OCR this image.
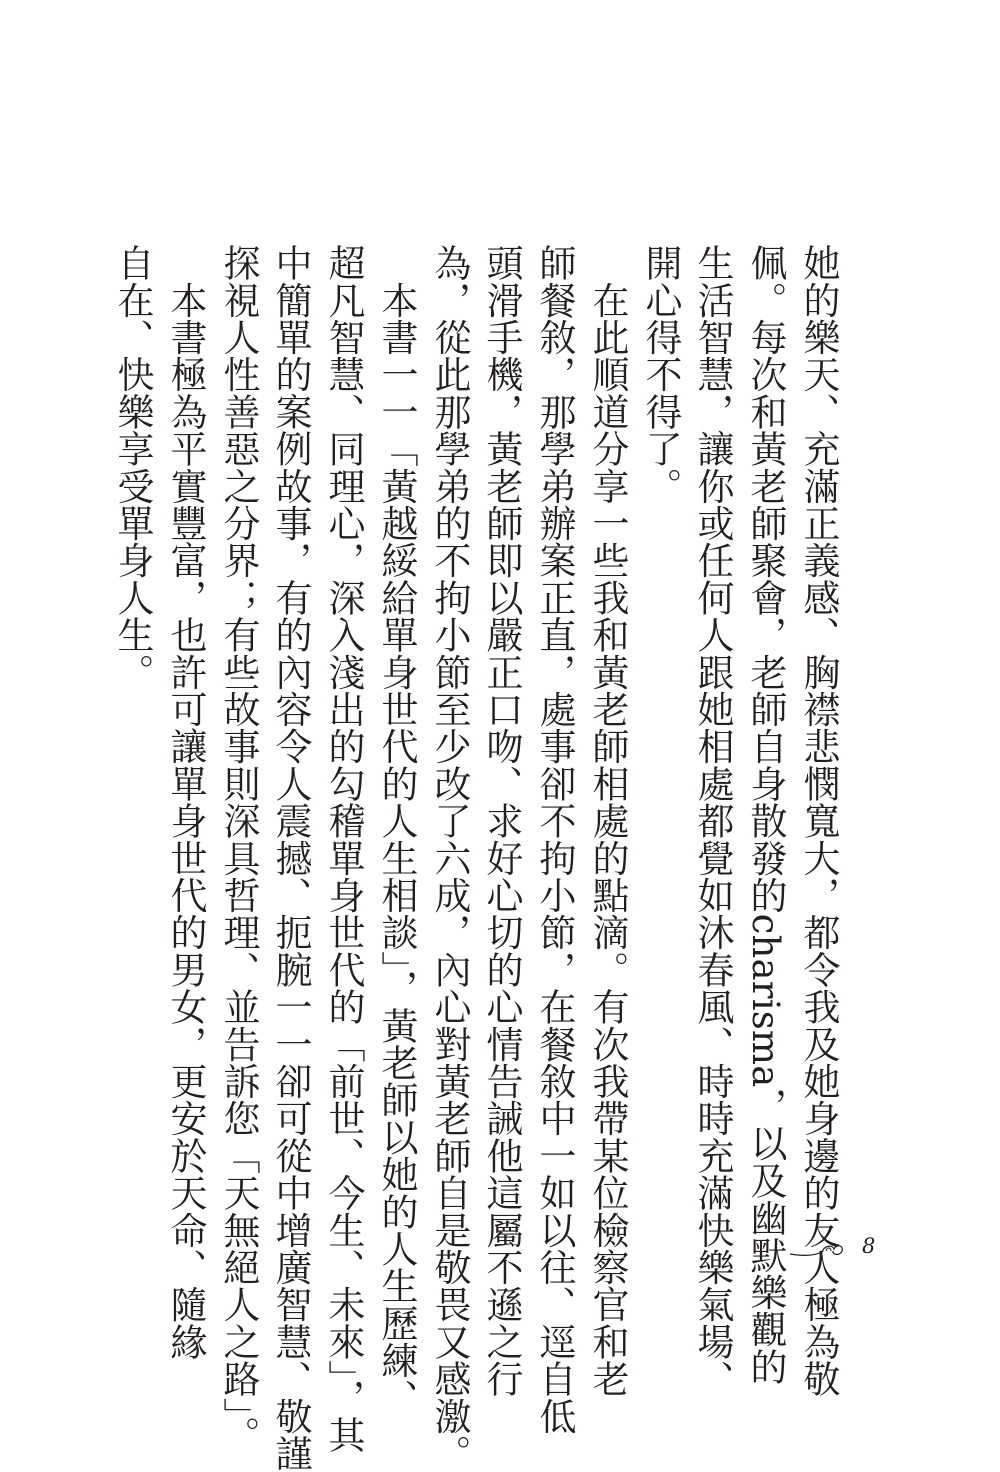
她的樂天、充滿正義感、胸襟悲憫寬大，都令我及她身邊的友人極為敬
佩。每次和黃老師聚會，老師自身散發的charisma，以及幽默樂觀的
生活智慧，讓你或任何人跟她相處都覺如沐春風、時時充滿快樂氣場、
開心得不得了。
　在此順道分享一些我和黃老師相處的點滴。有次我帶某位檢察官和老
師餐敘，那學弟辦案正直，處事卻不拘小節，在餐敘中一如以往、逕自低
頭滑手機，黃老師即以嚴正口吻、求好心切的心情告誡他這屬不遜之行
為，從此那學弟的不拘小節至少改了六成，內心對黃老師自是敬畏又感激。
　本書一一「黃越綏給單身世代的人生相談」，黃老師以她的人生歷練、
超凡智慧、同理心，深入淺出的勾稽單身世代的「前世、今生、未來」，其
中簡單的案例故事，有的內容令人震撼、扼腕一一卻可從中增廣智慧、敬謹
探視人性善惡之分界；有些故事則深具哲理、並告訴您「天無絕人之路」。
　本書極為平實豐富，也許可讓單身世代的男女，更安於天命、隨緣
自在、快樂享受單身人生。
8
